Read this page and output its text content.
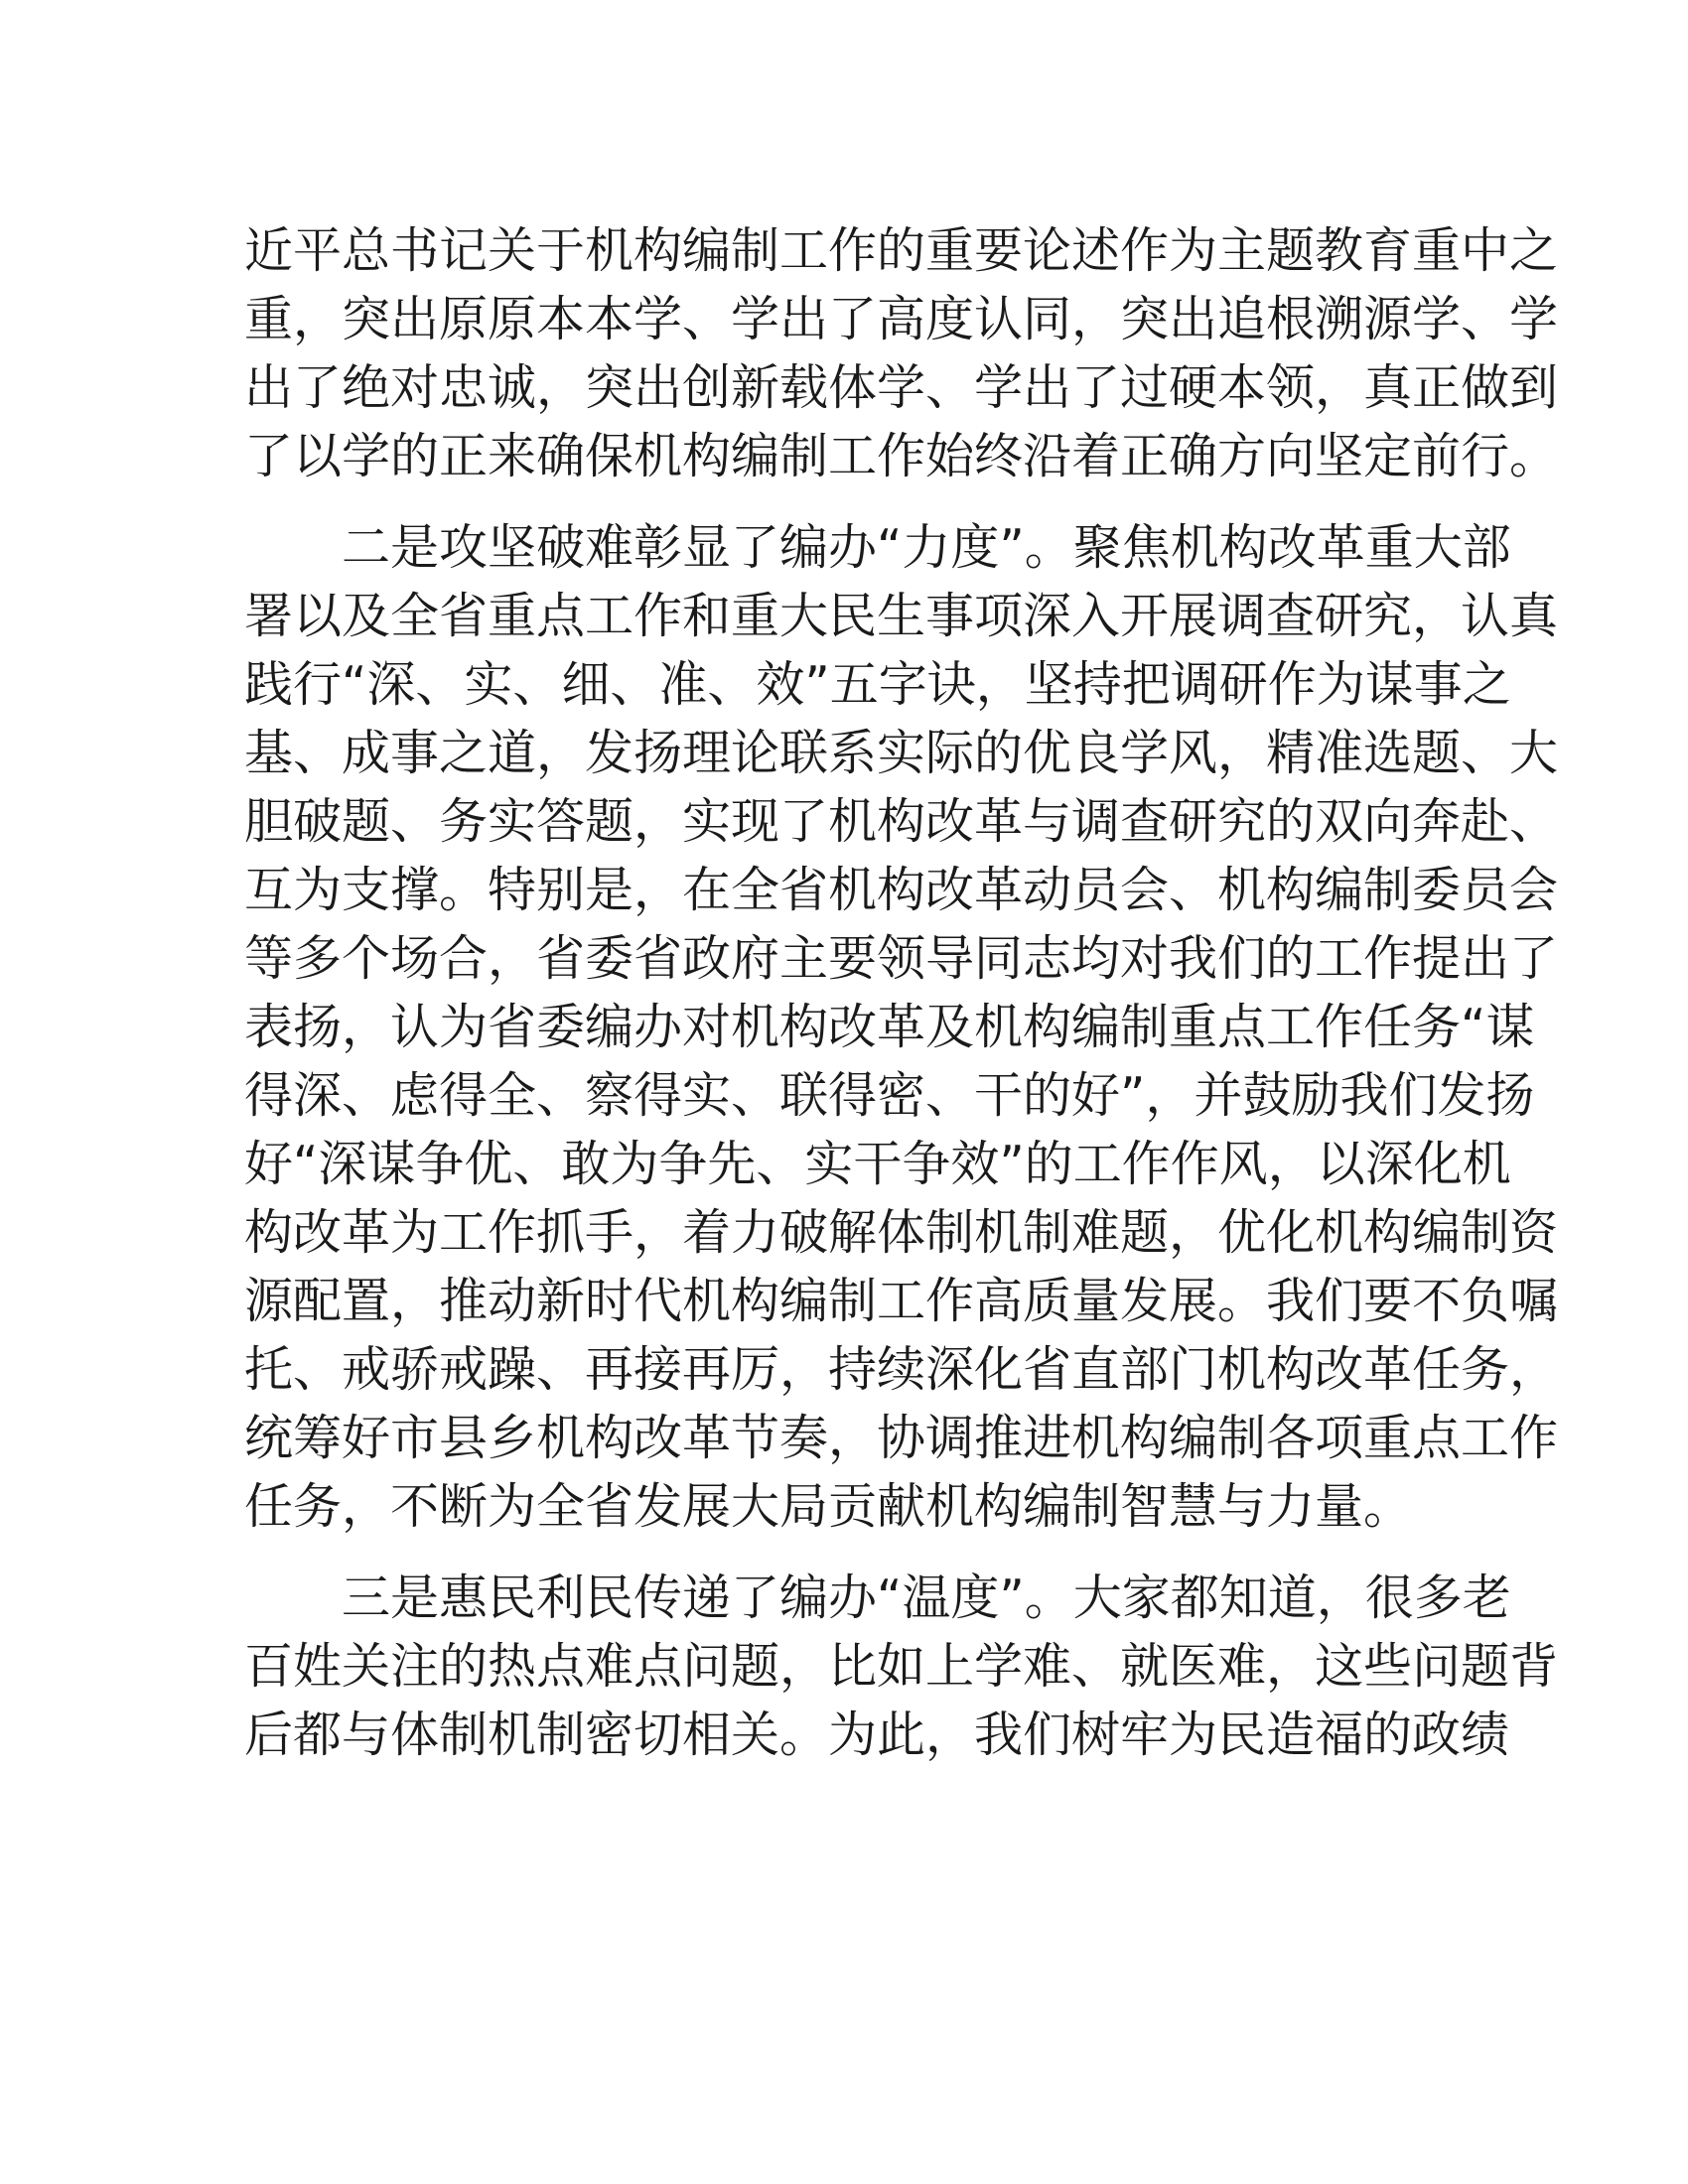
近平总书记关于机构编制工作的重要论述作为主题教育重中之
重，突出原原本本学、学出了高度认同，突出追根溯源学、学
出了绝对忠诚，突出创新载体学、学出了过硬本领，真正做到
了以学的正来确保机构编制工作始终沿着正确方向坚定前行。
二是攻坚破难彰显了编办“力度”。聚焦机构改革重大部
署以及全省重点工作和重大民生事项深入开展调查研究，认真
践行“深、实、细、准、效”五字诀，坚持把调研作为谋事之
基、成事之道，发扬理论联系实际的优良学风，精准选题、大
胆破题、务实答题，实现了机构改革与调查研究的双向奔赴、
互为支撑。特别是，在全省机构改革动员会、机构编制委员会
等多个场合，省委省政府主要领导同志均对我们的工作提出了
表扬，认为省委编办对机构改革及机构编制重点工作任务“谋
得深、虑得全、察得实、联得密、干的好”，并鼓励我们发扬
好“深谋争优、敢为争先、实干争效”的工作作风，以深化机
构改革为工作抓手，着力破解体制机制难题，优化机构编制资
源配置，推动新时代机构编制工作高质量发展。我们要不负嘱
托、戒骄戒躁、再接再厉，持续深化省直部门机构改革任务，
统筹好市县乡机构改革节奏，协调推进机构编制各项重点工作
任务，不断为全省发展大局贡献机构编制智慧与力量。
三是惠民利民传递了编办“温度”。大家都知道，很多老
百姓关注的热点难点问题，比如上学难、就医难，这些问题背
后都与体制机制密切相关。为此，我们树牢为民造福的政绩
